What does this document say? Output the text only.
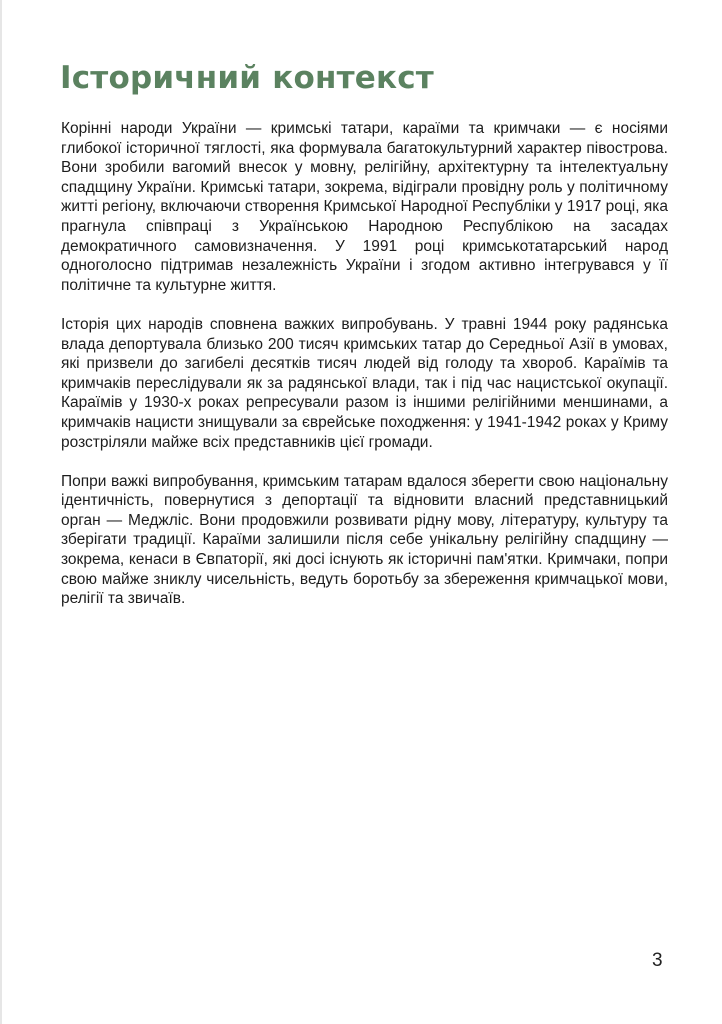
Історичний контекст

Корінні народи України — кримські татари, караїми та кримчаки — є носіями глибокої історичної тяглості, яка формувала багатокультурний характер півострова. Вони зробили вагомий внесок у мовну, релігійну, архітектурну та інтелектуальну спадщину України. Кримські татари, зокрема, відіграли провідну роль у політичному житті регіону, включаючи створення Кримської Народної Республіки у 1917 році, яка прагнула співпраці з Українською Народною Республікою на засадах демократичного самовизначення. У 1991 році кримськотатарський народ одноголосно підтримав незалежність України і згодом активно інтегрувався у її політичне та культурне життя.

Історія цих народів сповнена важких випробувань. У травні 1944 року радянська влада депортувала близько 200 тисяч кримських татар до Середньої Азії в умовах, які призвели до загибелі десятків тисяч людей від голоду та хвороб. Караїмів та кримчаків переслідували як за радянської влади, так і під час нацистської окупації. Караїмів у 1930-х роках репресували разом із іншими релігійними меншинами, а кримчаків нацисти знищували за єврейське походження: у 1941-1942 роках у Криму розстріляли майже всіх представників цієї громади.

Попри важкі випробування, кримським татарам вдалося зберегти свою національну ідентичність, повернутися з депортації та відновити власний представницький орган — Меджліс. Вони продовжили розвивати рідну мову, літературу, культуру та зберігати традиції. Караїми залишили після себе унікальну релігійну спадщину — зокрема, кенаси в Євпаторії, які досі існують як історичні пам'ятки. Кримчаки, попри свою майже зниклу чисельність, ведуть боротьбу за збереження кримчацької мови, релігії та звичаїв.

3
